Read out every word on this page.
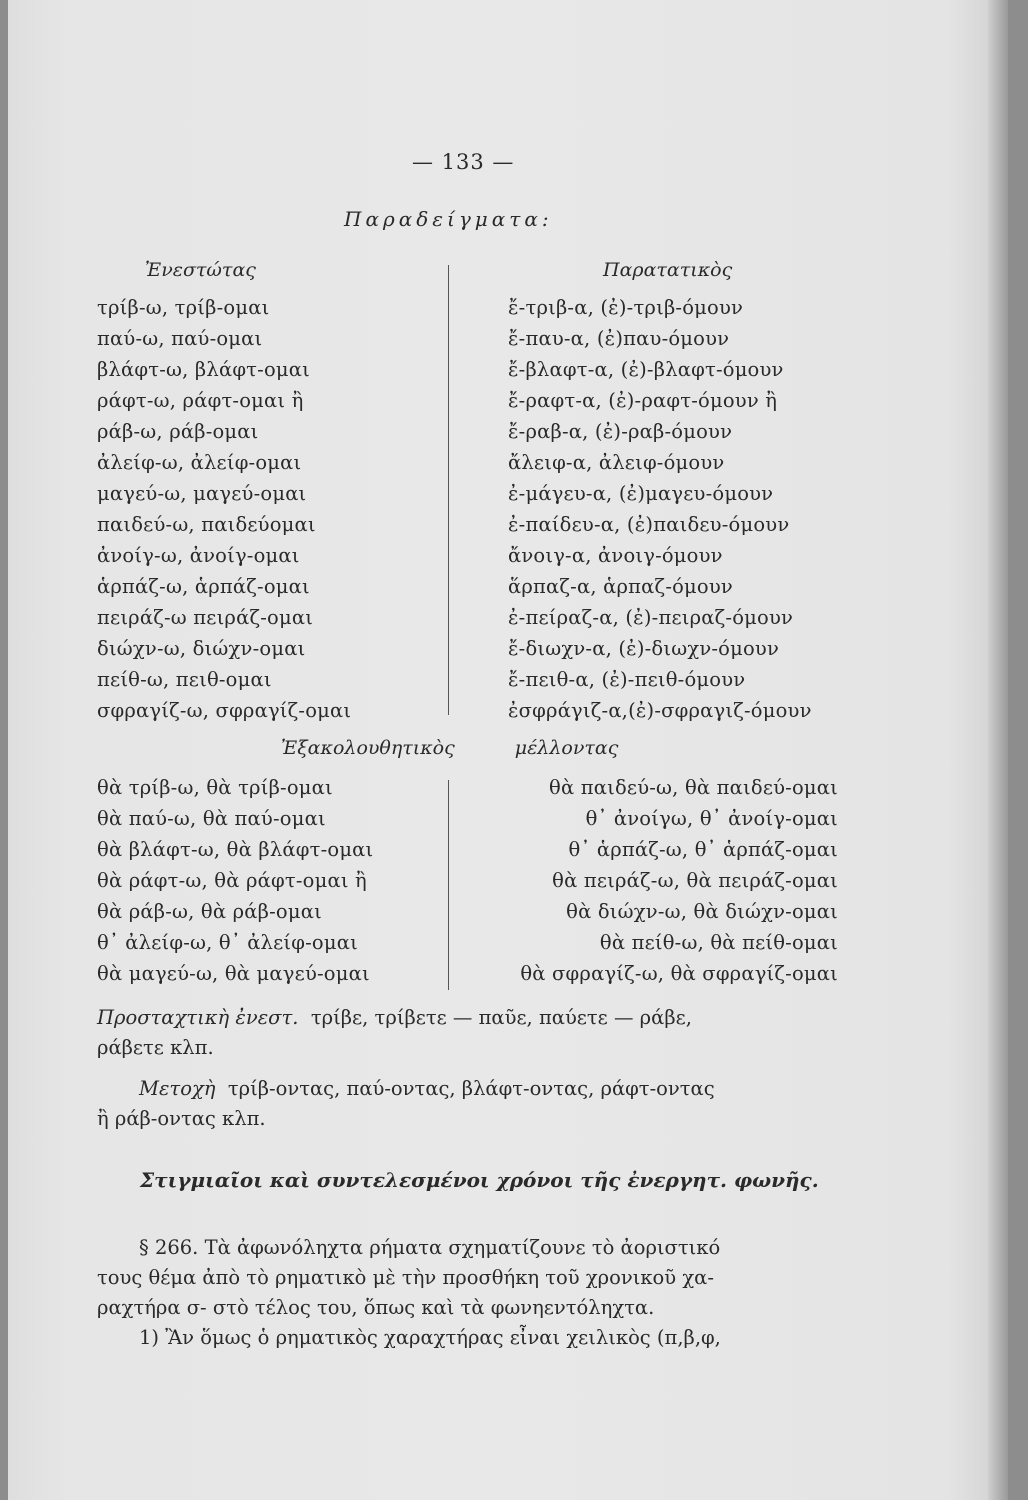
— 133 —
Παραδείγματα:
Ἐνεστώτας	Παρατατικὸς
τρίβ-ω, τρίβ-ομαι
παύ-ω, παύ-ομαι
βλάφτ-ω, βλάφτ-ομαι
ράφτ-ω, ράφτ-ομαι ἢ
ράβ-ω, ράβ-ομαι
ἀλείφ-ω, ἀλείφ-ομαι
μαγεύ-ω, μαγεύ-ομαι
παιδεύ-ω, παιδεύομαι
ἀνοίγ-ω, ἀνοίγ-ομαι
ἁρπάζ-ω, ἁρπάζ-ομαι
πειράζ-ω πειράζ-ομαι
διώχν-ω, διώχν-ομαι
πείθ-ω, πειθ-ομαι
σφραγίζ-ω, σφραγίζ-ομαι
ἔ-τριβ-α, (ἐ)-τριβ-όμουν
ἔ-παυ-α, (ἐ)παυ-όμουν
ἔ-βλαφτ-α, (ἐ)-βλαφτ-όμουν
ἔ-ραφτ-α, (ἐ)-ραφτ-όμουν ἢ
ἔ-ραβ-α, (ἐ)-ραβ-όμουν
ἄλειφ-α, ἀλειφ-όμουν
ἐ-μάγευ-α, (ἐ)μαγευ-όμουν
ἐ-παίδευ-α, (ἐ)παιδευ-όμουν
ἄνοιγ-α, ἀνοιγ-όμουν
ἅρπαζ-α, ἁρπαζ-όμουν
ἐ-πείραζ-α, (ἐ)-πειραζ-όμουν
ἔ-διωχν-α, (ἐ)-διωχν-όμουν
ἔ-πειθ-α, (ἐ)-πειθ-όμουν
ἐσφράγιζ-α,(ἐ)-σφραγιζ-όμουν
Ἐξακολουθητικὸς	μέλλοντας
θὰ τρίβ-ω, θὰ τρίβ-ομαι
θὰ παύ-ω, θὰ παύ-ομαι
θὰ βλάφτ-ω, θὰ βλάφτ-ομαι
θὰ ράφτ-ω, θὰ ράφτ-ομαι ἢ
θὰ ράβ-ω, θὰ ράβ-ομαι
θ᾿ ἀλείφ-ω, θ᾿ ἀλείφ-ομαι
θὰ μαγεύ-ω, θὰ μαγεύ-ομαι
θὰ παιδεύ-ω, θὰ παιδεύ-ομαι
θ᾿ ἀνοίγω, θ᾿ ἀνοίγ-ομαι
θ᾿ ἁρπάζ-ω, θ᾿ ἁρπάζ-ομαι
θὰ πειράζ-ω, θὰ πειράζ-ομαι
θὰ διώχν-ω, θὰ διώχν-ομαι
θὰ πείθ-ω, θὰ πείθ-ομαι
θὰ σφραγίζ-ω, θὰ σφραγίζ-ομαι
Προσταχτικὴ ἐνεστ. τρίβε, τρίβετε — παῦε, παύετε — ράβε,
ράβετε κλπ.
Μετοχὴ τρίβ-οντας, παύ-οντας, βλάφτ-οντας, ράφτ-οντας
ἢ ράβ-οντας κλπ.
Στιγμιαῖοι καὶ συντελεσμένοι χρόνοι τῆς ἐνεργητ. φωνῆς.
§ 266. Τὰ ἀφωνόληχτα ρήματα σχηματίζουνε τὸ ἀοριστικό
τους θέμα ἀπὸ τὸ ρηματικὸ μὲ τὴν προσθήκη τοῦ χρονικοῦ χα-
ραχτήρα σ- στὸ τέλος του, ὅπως καὶ τὰ φωνηεντόληχτα.
1) Ἂν ὅμως ὁ ρηματικὸς χαραχτήρας εἶναι χειλικὸς (π,β,φ,
